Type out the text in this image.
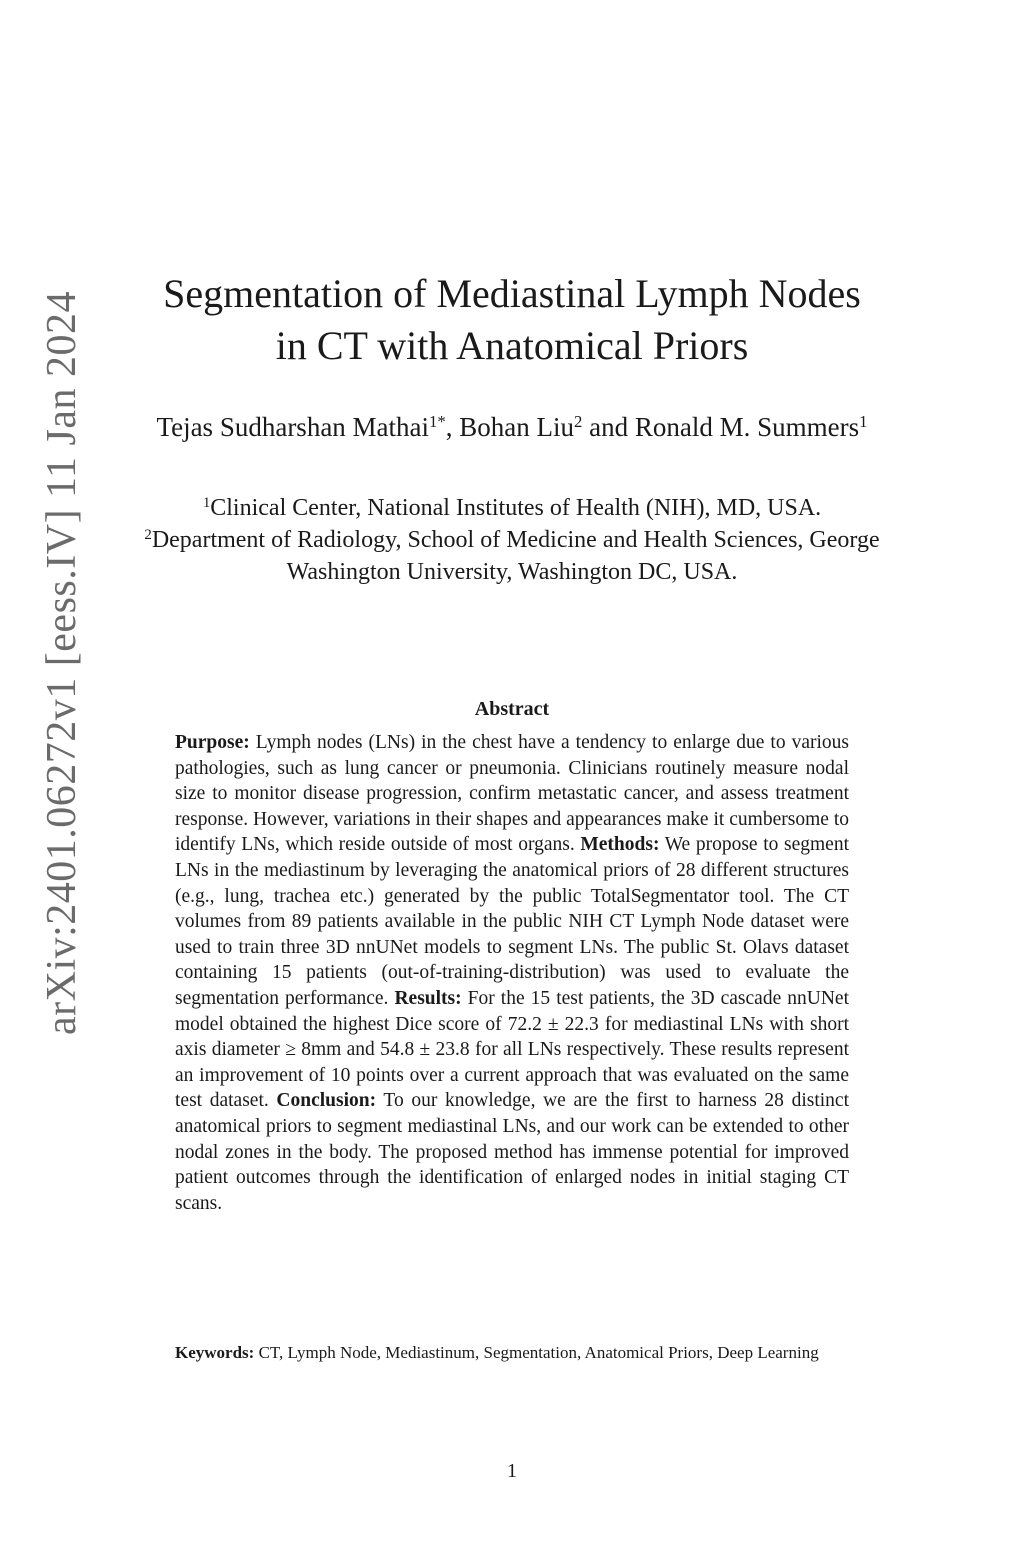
arXiv:2401.06272v1 [eess.IV] 11 Jan 2024	Segmentation of Mediastinal Lymph Nodes
in CT with Anatomical Priors
Tejas Sudharshan Mathai$^{1*}$, Bohan Liu$^2$ and Ronald M. Summers$^1$
$^1$Clinical Center, National Institutes of Health (NIH), MD, USA.
$^2$Department of Radiology, School of Medicine and Health Sciences, George Washington University, Washington DC, USA.
Abstract

Purpose: Lymph nodes (LNs) in the chest have a tendency to enlarge due to various pathologies, such as lung cancer or pneumonia. Clinicians routinely measure nodal size to monitor disease progression, confirm metastatic cancer, and assess treatment response. However, variations in their shapes and appearances make it cumbersome to identify LNs, which reside outside of most organs. Methods: We propose to segment LNs in the mediastinum by leveraging the anatomical priors of 28 different structures (e.g., lung, trachea etc.) generated by the public TotalSegmentator tool. The CT volumes from 89 patients available in the public NIH CT Lymph Node dataset were used to train three 3D nnUNet models to segment LNs. The public St. Olavs dataset containing 15 patients (out-of-training-distribution) was used to evaluate the segmentation performance. Results: For the 15 test patients, the 3D cascade nnUNet model obtained the highest Dice score of 72.2 ± 22.3 for mediastinal LNs with short axis diameter ≥ 8mm and 54.8 ± 23.8 for all LNs respectively. These results represent an improvement of 10 points over a current approach that was evaluated on the same test dataset. Conclusion: To our knowledge, we are the first to harness 28 distinct anatomical priors to segment mediastinal LNs, and our work can be extended to other nodal zones in the body. The proposed method has immense potential for improved patient outcomes through the identification of enlarged nodes in initial staging CT scans.

Keywords: CT, Lymph Node, Mediastinum, Segmentation, Anatomical Priors, Deep Learning
1
